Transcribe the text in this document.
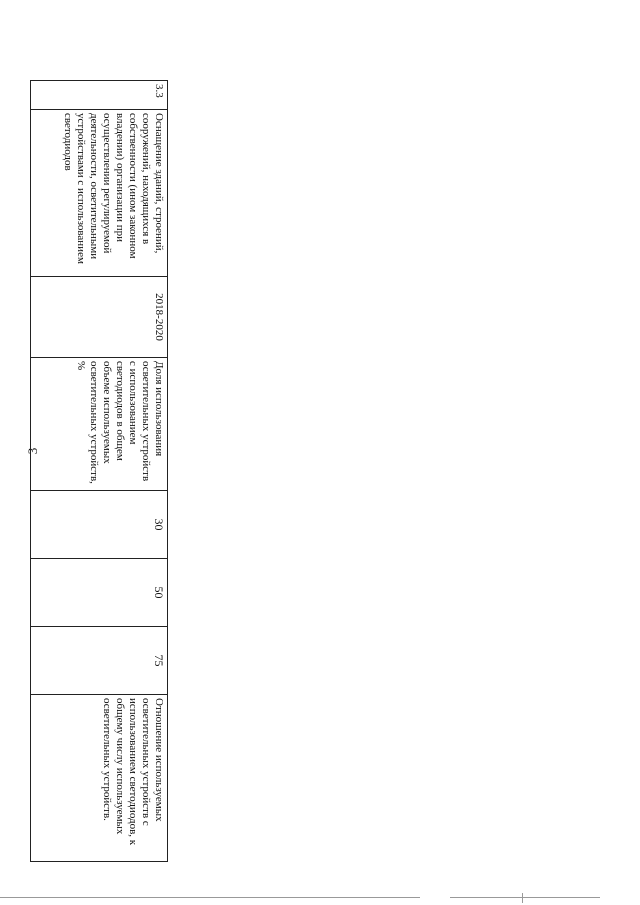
3
3.3	Оснащение зданий, строений, сооружений, находящихся в собственности (ином законном владении) организации при осуществлении регулируемой деятельности, осветительными устройствами с использованием светодиодов	2018-2020	Доля использования осветительных устройств с использованием светодиодов в общем объеме используемых осветительных устройств, %	30	50	75	Отношение используемых осветительных устройств с использованием светодиодов, к общему числу используемых осветительных устройств.
